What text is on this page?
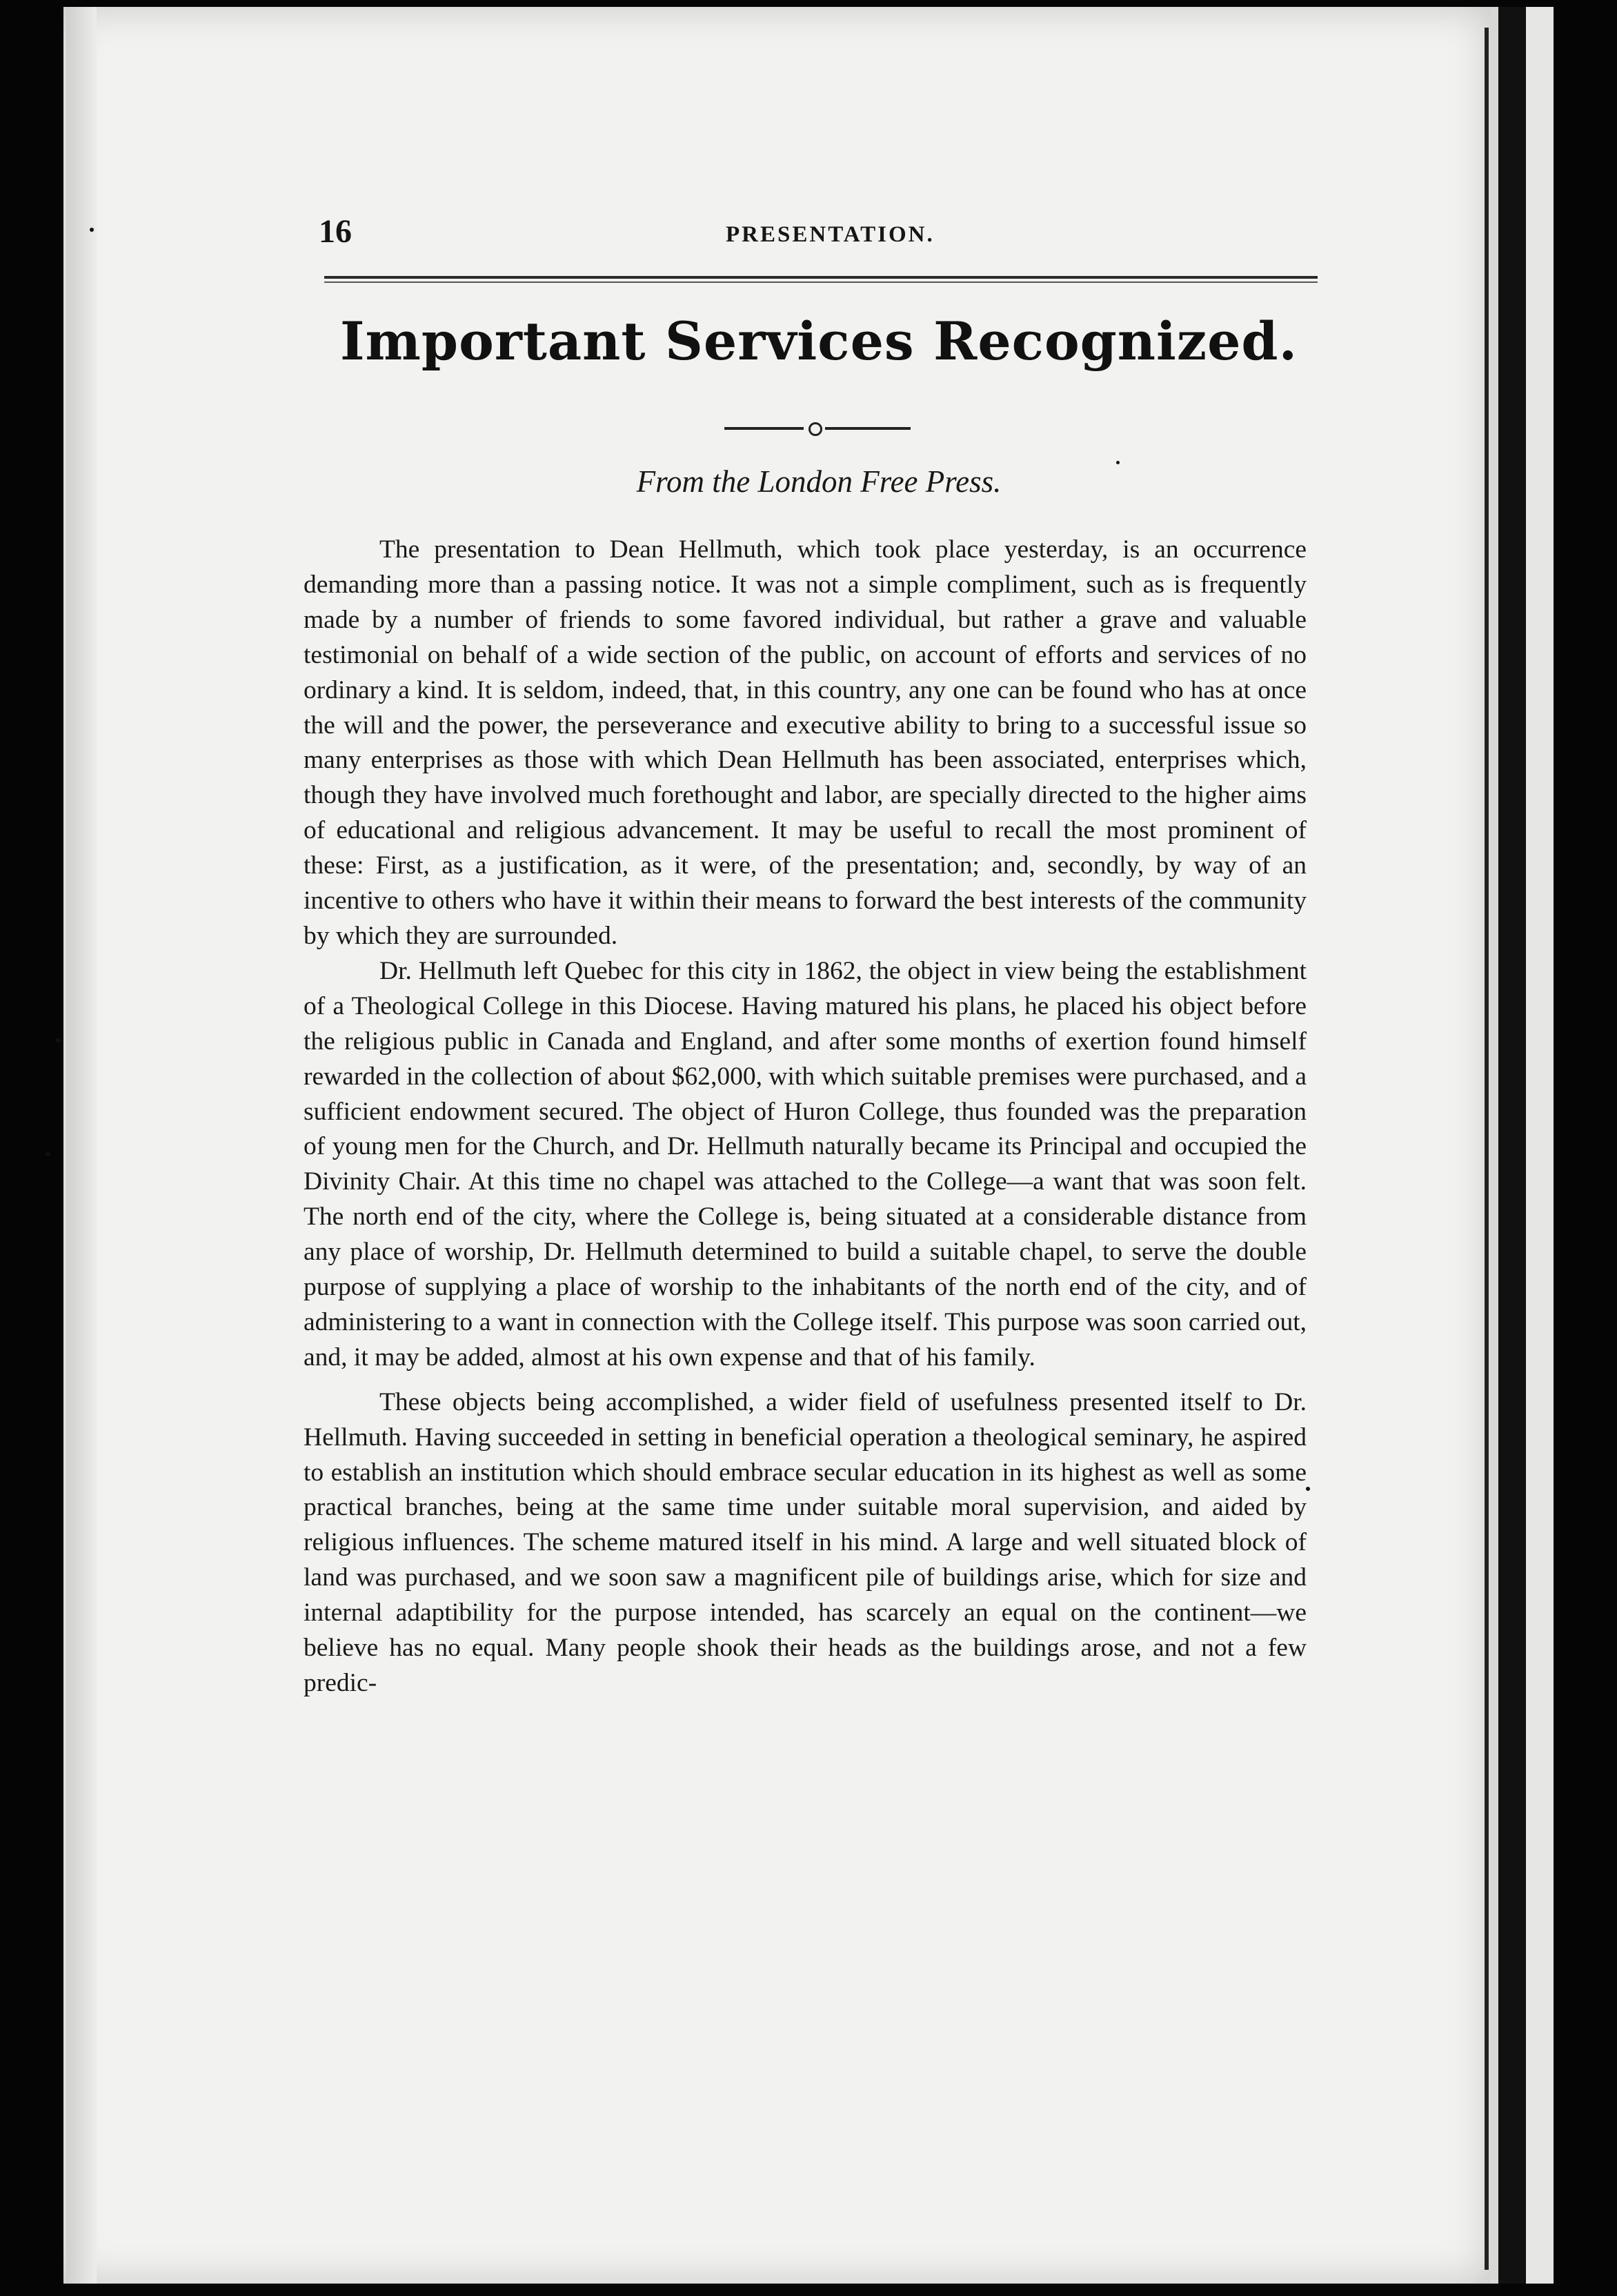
16	PRESENTATION.
Important Services Recognized.
From the London Free Press.

The presentation to Dean Hellmuth, which took place yesterday, is an occurrence demanding more than a passing notice. It was not a simple compliment, such as is frequently made by a number of friends to some favored individual, but rather a grave and valuable testimonial on behalf of a wide section of the public, on account of efforts and services of no ordinary a kind. It is seldom, indeed, that, in this country, any one can be found who has at once the will and the power, the perseverance and executive ability to bring to a successful issue so many enterprises as those with which Dean Hellmuth has been associated, enterprises which, though they have involved much forethought and labor, are specially directed to the higher aims of educational and religious advancement. It may be useful to recall the most prominent of these: First, as a justification, as it were, of the presentation; and, secondly, by way of an incentive to others who have it within their means to forward the best interests of the community by which they are surrounded.

Dr. Hellmuth left Quebec for this city in 1862, the object in view being the establishment of a Theological College in this Diocese. Having matured his plans, he placed his object before the religious public in Canada and England, and after some months of exertion found himself rewarded in the collection of about $62,000, with which suitable premises were purchased, and a sufficient endowment secured. The object of Huron College, thus founded was the preparation of young men for the Church, and Dr. Hellmuth naturally became its Principal and occupied the Divinity Chair. At this time no chapel was attached to the College—a want that was soon felt. The north end of the city, where the College is, being situated at a considerable distance from any place of worship, Dr. Hellmuth determined to build a suitable chapel, to serve the double purpose of supplying a place of worship to the inhabitants of the north end of the city, and of administering to a want in connection with the College itself. This purpose was soon carried out, and, it may be added, almost at his own expense and that of his family.

These objects being accomplished, a wider field of usefulness presented itself to Dr. Hellmuth. Having succeeded in setting in beneficial operation a theological seminary, he aspired to establish an institution which should embrace secular education in its highest as well as some practical branches, being at the same time under suitable moral supervision, and aided by religious influences. The scheme matured itself in his mind. A large and well situated block of land was purchased, and we soon saw a magnificent pile of buildings arise, which for size and internal adaptibility for the purpose intended, has scarcely an equal on the continent—we believe has no equal. Many people shook their heads as the buildings arose, and not a few predic-
